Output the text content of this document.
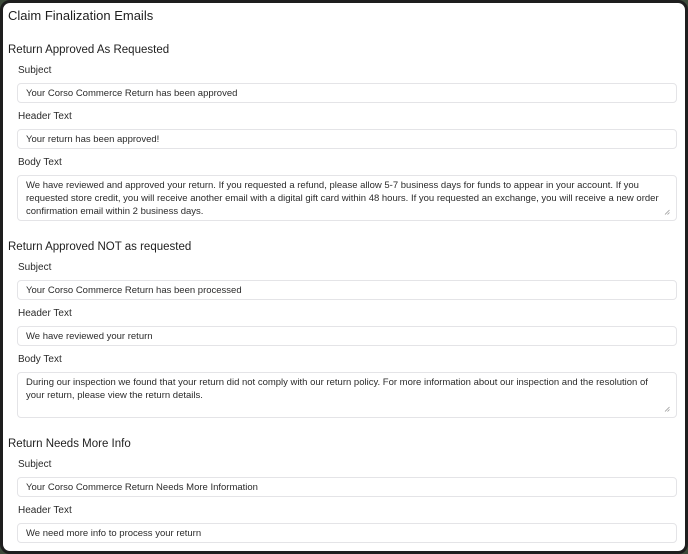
Claim Finalization Emails
Return Approved As Requested
Subject
Your Corso Commerce Return has been approved
Header Text
Your return has been approved!
Body Text
We have reviewed and approved your return. If you requested a refund, please allow 5-7 business days for funds to appear in your account. If you requested store credit, you will receive another email with a digital gift card within 48 hours. If you requested an exchange, you will receive a new order confirmation email within 2 business days.
Return Approved NOT as requested
Subject
Your Corso Commerce Return has been processed
Header Text
We have reviewed your return
Body Text
During our inspection we found that your return did not comply with our return policy. For more information about our inspection and the resolution of your return, please view the return details.
Return Needs More Info
Subject
Your Corso Commerce Return Needs More Information
Header Text
We need more info to process your return
